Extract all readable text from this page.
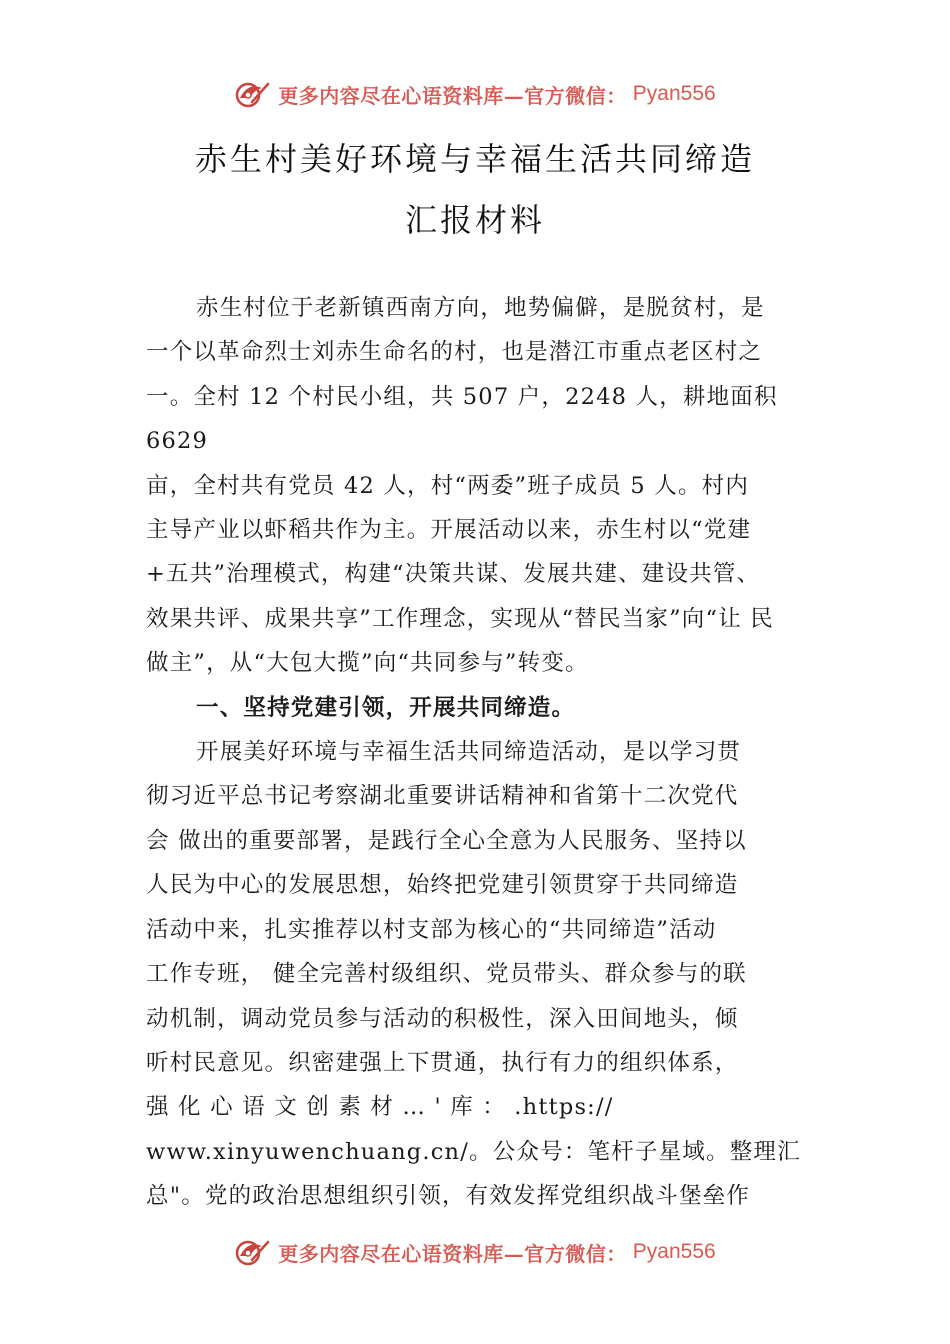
更多内容尽在心语资料库—官方微信： Pyan556
赤生村美好环境与幸福生活共同缔造
汇报材料

赤生村位于老新镇西南方向，地势偏僻，是脱贫村，是
一个以革命烈士刘赤生命名的村，也是潜江市重点老区村之
一。全村 12 个村民小组，共 507 户，2248 人，耕地面积
6629
亩，全村共有党员 42 人，村“两委”班子成员 5 人。村内
主导产业以虾稻共作为主。开展活动以来，赤生村以“党建
+五共”治理模式，构建“决策共谋、发展共建、建设共管、
效果共评、成果共享”工作理念，实现从“替民当家”向“让 民
做主”，从“大包大揽”向“共同参与”转变。

一、坚持党建引领，开展共同缔造。

开展美好环境与幸福生活共同缔造活动，是以学习贯
彻习近平总书记考察湖北重要讲话精神和省第十二次党代
会 做出的重要部署，是践行全心全意为人民服务、坚持以
人民为中心的发展思想，始终把党建引领贯穿于共同缔造
活动中来，扎实推荐以村支部为核心的“共同缔造”活动
工作专班， 健全完善村级组织、党员带头、群众参与的联
动机制，调动党员参与活动的积极性，深入田间地头，倾
听村民意见。织密建强上下贯通，执行有力的组织体系，
强 化 心 语 文 创 素 材 … ' 库 ： .https://
www.xinyuwenchuang.cn/。公众号：笔杆子星域。整理汇
总"。党的政治思想组织引领，有效发挥党组织战斗堡垒作

更多内容尽在心语资料库—官方微信： Pyan556
